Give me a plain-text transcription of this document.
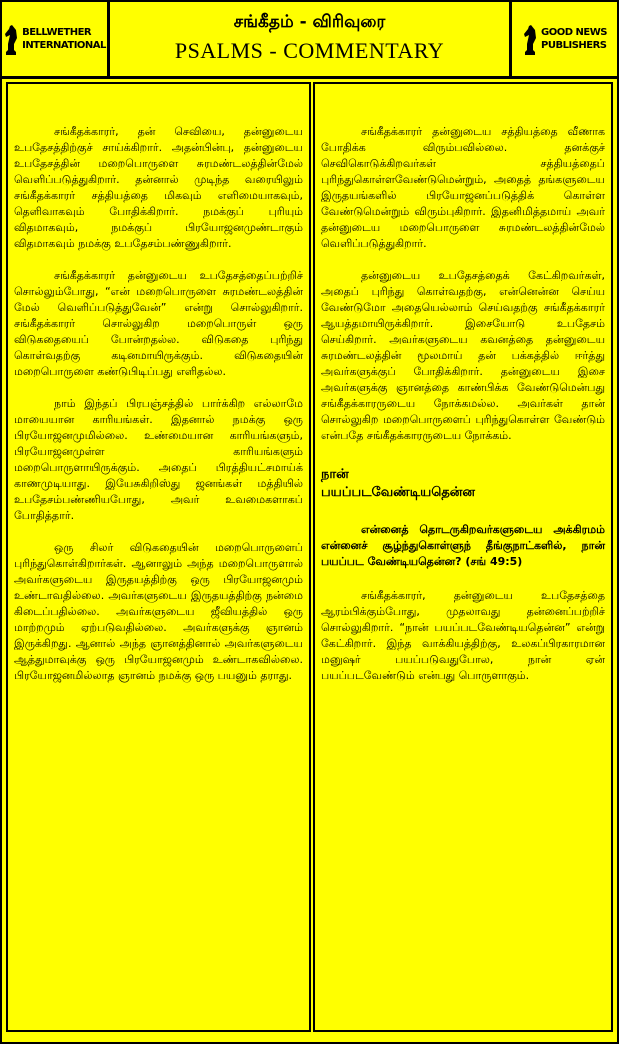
BELLWETHER
INTERNATIONAL
சங்கீதம் - விரிவுரை
PSALMS - COMMENTARY
GOOD NEWS
PUBLISHERS

சங்கீதக்காரர், தன் செவியை, தன்னுடைய உபதேசத்திற்குச் சாய்க்கிறார். அதன்பின்பு, தன்னுடைய உபதேசத்தின் மறைபொருளை சுரமண்டலத்தின்மேல் வெளிப்படுத்துகிறார். தன்னால் முடிந்த வரையிலும் சங்கீதக்காரர் சத்தியத்தை மிகவும் எளிமையாகவும், தெளிவாகவும் போதிக்கிறார். நமக்குப் புரியும் விதமாகவும், நமக்குப் பிரயோஜனமுண்டாகும் விதமாகவும் நமக்கு உபதேசம்பண்ணுகிறார்.

சங்கீதக்காரர் தன்னுடைய உபதேசத்தைப்பற்றிச் சொல்லும்போது, “என் மறைபொருளை சுரமண்டலத்தின் மேல் வெளிப்படுத்துவேன்” என்று சொல்லுகிறார். சங்கீதக்காரர் சொல்லுகிற மறைபொருள் ஒரு விடுகதையைப் போன்றதல்ல. விடுகதை புரிந்து கொள்வதற்கு கடினமாயிருக்கும். விடுகதையின் மறைபொருளை கண்டுபிடிப்பது எளிதல்ல.

நாம் இந்தப் பிரபஞ்சத்தில் பார்க்கிற எல்லாமே மாயையான காரியங்கள். இதனால் நமக்கு ஒரு பிரயோஜனமுமில்லை. உண்மையான காரியங்களும், பிரயோஜனமுள்ள காரியங்களும் மறைபொருளாயிருக்கும். அதைப் பிரத்தியட்சமாய்க் காணமுடியாது. இயேசுகிறிஸ்து ஜனங்கள் மத்தியில் உபதேசம்பண்ணியபோது, அவர் உவமைகளாகப் போதித்தார்.

ஒரு சிலர் விடுகதையின் மறைபொருளைப் புரிந்துகொள்கிறார்கள். ஆனாலும் அந்த மறைபொருளால் அவர்களுடைய இருதயத்திற்கு ஒரு பிரயோஜனமும் உண்டாவதில்லை. அவர்களுடைய இருதயத்திற்கு நன்மை கிடைப்பதில்லை. அவர்களுடைய ஜீவியத்தில் ஒரு மாற்றமும் ஏற்படுவதில்லை. அவர்களுக்கு ஞானம் இருக்கிறது. ஆனால் அந்த ஞானத்தினால் அவர்களுடைய ஆத்துமாவுக்கு ஒரு பிரயோஜனமும் உண்டாகவில்லை. பிரயோஜனமில்லாத ஞானம் நமக்கு ஒரு பயனும் தராது.

சங்கீதக்காரர் தன்னுடைய சத்தியத்தை வீணாக போதிக்க விரும்பவில்லை. தனக்குச் செவிகொடுக்கிறவர்கள் சத்தியத்தைப் புரிந்துகொள்ளவேண்டுமென்றும், அதைத் தங்களுடைய இருதயங்களில் பிரயோஜனப்படுத்திக் கொள்ள வேண்டுமென்றும் விரும்புகிறார். இதனிமித்தமாய் அவர் தன்னுடைய மறைபொருளை சுரமண்டலத்தின்மேல் வெளிப்படுத்துகிறார்.

தன்னுடைய உபதேசத்தைக் கேட்கிறவர்கள், அதைப் புரிந்து கொள்வதற்கு, என்னென்ன செய்ய வேண்டுமோ அதையெல்லாம் செய்வதற்கு சங்கீதக்காரர் ஆயத்தமாயிருக்கிறார். இசையோடு உபதேசம் செய்கிறார். அவர்களுடைய கவனத்தை தன்னுடைய சுரமண்டலத்தின் மூலமாய் தன் பக்கத்தில் ஈர்த்து அவர்களுக்குப் போதிக்கிறார். தன்னுடைய இசை அவர்களுக்கு ஞானத்தை காண்பிக்க வேண்டுமென்பது சங்கீதக்காரருடைய நோக்கமல்ல. அவர்கள் தான் சொல்லுகிற மறைபொருளைப் புரிந்துகொள்ள வேண்டும் என்பதே சங்கீதக்காரருடைய நோக்கம்.

நான்
பயப்படவேண்டியதென்ன

என்னைத் தொடருகிறவர்களுடைய அக்கிரமம் என்னைச் சூழ்ந்துகொள்ளுந் தீங்குநாட்களில், நான் பயப்பட வேண்டியதென்ன? (சங் 49:5)

சங்கீதக்காரர், தன்னுடைய உபதேசத்தை ஆரம்பிக்கும்போது, முதலாவது தன்னைப்பற்றிச் சொல்லுகிறார். “நான் பயப்படவேண்டியதென்ன” என்று கேட்கிறார். இந்த வாக்கியத்திற்கு, உலகப்பிரகாரமான மனுஷர் பயப்படுவதுபோல, நான் ஏன் பயப்படவேண்டும் என்பது பொருளாகும்.
